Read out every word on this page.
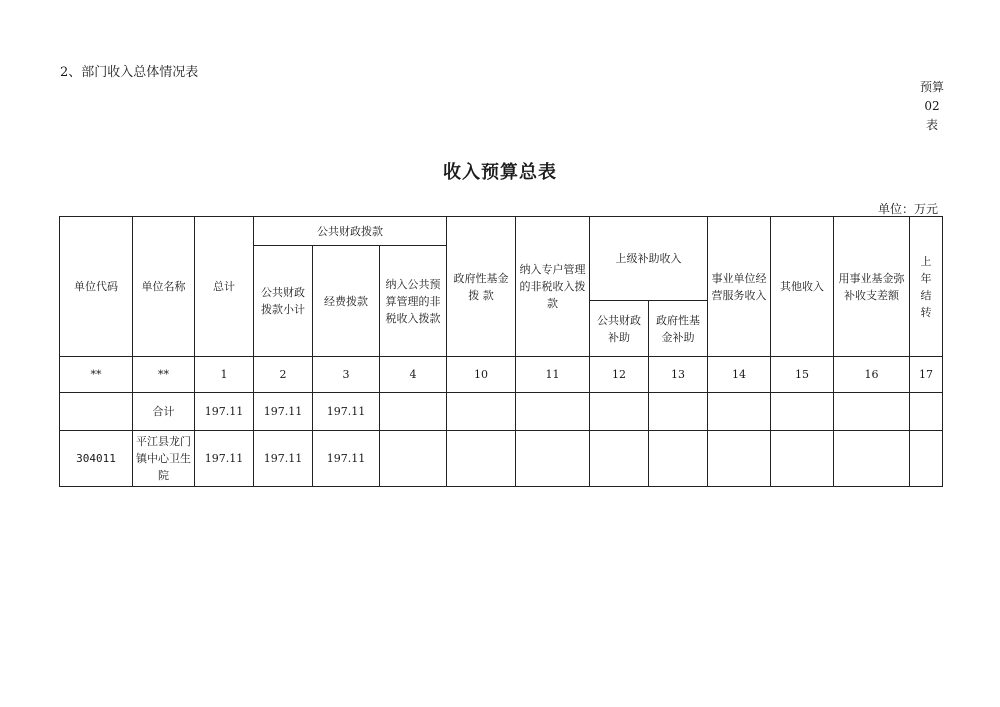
2、部门收入总体情况表
预算02表
收入预算总表
单位：万元
单位代码	单位名称	总计	公共财政拨款			政府性基金 拨 款	纳入专户管理的非税收入拨款	上级补助收入		事业单位经营服务收入	其他收入	用事业基金弥补收支差额	上年结转
			公共财政拨款小计	经费拨款	纳入公共预算管理的非税收入拨款								
								公共财政补助	政府性基金补助				
**	**	1	2	3	4	10	11	12	13	14	15	16	17
	合计	197.11	197.11	197.11									
304011	平江县龙门镇中心卫生院	197.11	197.11	197.11									
